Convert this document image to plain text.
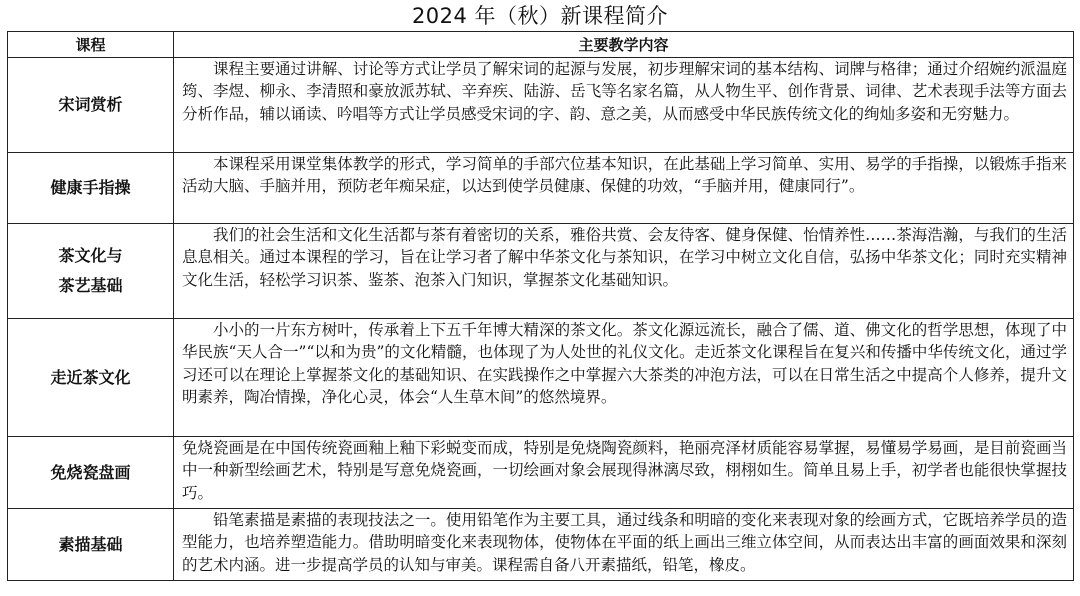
2024 年（秋）新课程简介
课程	主要教学内容
宋词赏析	课程主要通过讲解、讨论等方式让学员了解宋词的起源与发展，初步理解宋词的基本结构、词牌与格律；通过介绍婉约派温庭筠、李煜、柳永、李清照和豪放派苏轼、辛弃疾、陆游、岳飞等名家名篇，从人物生平、创作背景、词律、艺术表现手法等方面去分析作品，辅以诵读、吟唱等方式让学员感受宋词的字、韵、意之美，从而感受中华民族传统文化的绚灿多姿和无穷魅力。
健康手指操	本课程采用课堂集体教学的形式，学习简单的手部穴位基本知识，在此基础上学习简单、实用、易学的手指操，以锻炼手指来活动大脑、手脑并用，预防老年痴呆症，以达到使学员健康、保健的功效，“手脑并用，健康同行”。

茶文化与
茶艺基础	我们的社会生活和文化生活都与茶有着密切的关系，雅俗共赏、会友待客、健身保健、怡情养性……茶海浩瀚，与我们的生活息息相关。通过本课程的学习，旨在让学习者了解中华茶文化与茶知识，在学习中树立文化自信，弘扬中华茶文化；同时充实精神文化生活，轻松学习识茶、鉴茶、泡茶入门知识，掌握茶文化基础知识。
走近茶文化	小小的一片东方树叶，传承着上下五千年博大精深的茶文化。茶文化源远流长，融合了儒、道、佛文化的哲学思想，体现了中华民族“天人合一”“以和为贵”的文化精髓，也体现了为人处世的礼仪文化。走近茶文化课程旨在复兴和传播中华传统文化，通过学习还可以在理论上掌握茶文化的基础知识、在实践操作之中掌握六大茶类的冲泡方法，可以在日常生活之中提高个人修养，提升文明素养，陶冶情操，净化心灵，体会“人生草木间”的悠然境界。
免烧瓷盘画	免烧瓷画是在中国传统瓷画釉上釉下彩蜕变而成，特别是免烧陶瓷颜料，艳丽亮泽材质能容易掌握，易懂易学易画，是目前瓷画当中一种新型绘画艺术，特别是写意免烧瓷画，一切绘画对象会展现得淋漓尽致，栩栩如生。简单且易上手，初学者也能很快掌握技巧。
素描基础	铅笔素描是素描的表现技法之一。使用铅笔作为主要工具，通过线条和明暗的变化来表现对象的绘画方式，它既培养学员的造型能力，也培养塑造能力。借助明暗变化来表现物体，使物体在平面的纸上画出三维立体空间，从而表达出丰富的画面效果和深刻的艺术内涵。进一步提高学员的认知与审美。课程需自备八开素描纸，铅笔，橡皮。
